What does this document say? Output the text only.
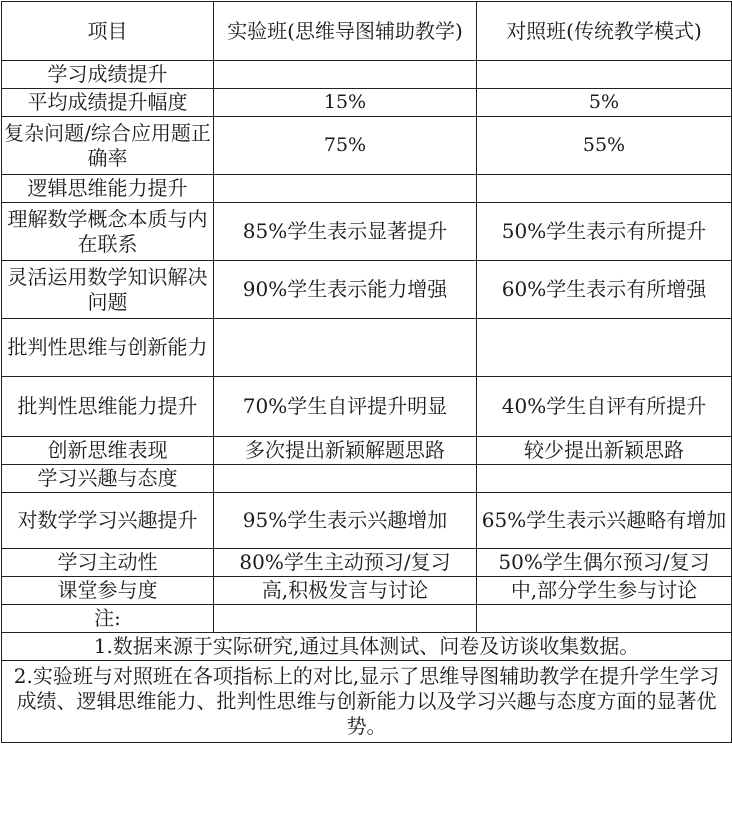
项目	实验班(思维导图辅助教学)	对照班(传统教学模式)
学习成绩提升		
平均成绩提升幅度	15%	5%
复杂问题/综合应用题正确率	75%	55%
逻辑思维能力提升		
理解数学概念本质与内在联系	85%学生表示显著提升	50%学生表示有所提升
灵活运用数学知识解决问题	90%学生表示能力增强	60%学生表示有所增强
批判性思维与创新能力		
批判性思维能力提升	70%学生自评提升明显	40%学生自评有所提升
创新思维表现	多次提出新颖解题思路	较少提出新颖思路
学习兴趣与态度		
对数学学习兴趣提升	95%学生表示兴趣增加	65%学生表示兴趣略有增加
学习主动性	80%学生主动预习/复习	50%学生偶尔预习/复习
课堂参与度	高,积极发言与讨论	中,部分学生参与讨论
注:		
1.数据来源于实际研究,通过具体测试、问卷及访谈收集数据。		
2.实验班与对照班在各项指标上的对比,显示了思维导图辅助教学在提升学生学习成绩、逻辑思维能力、批判性思维与创新能力以及学习兴趣与态度方面的显著优势。		
